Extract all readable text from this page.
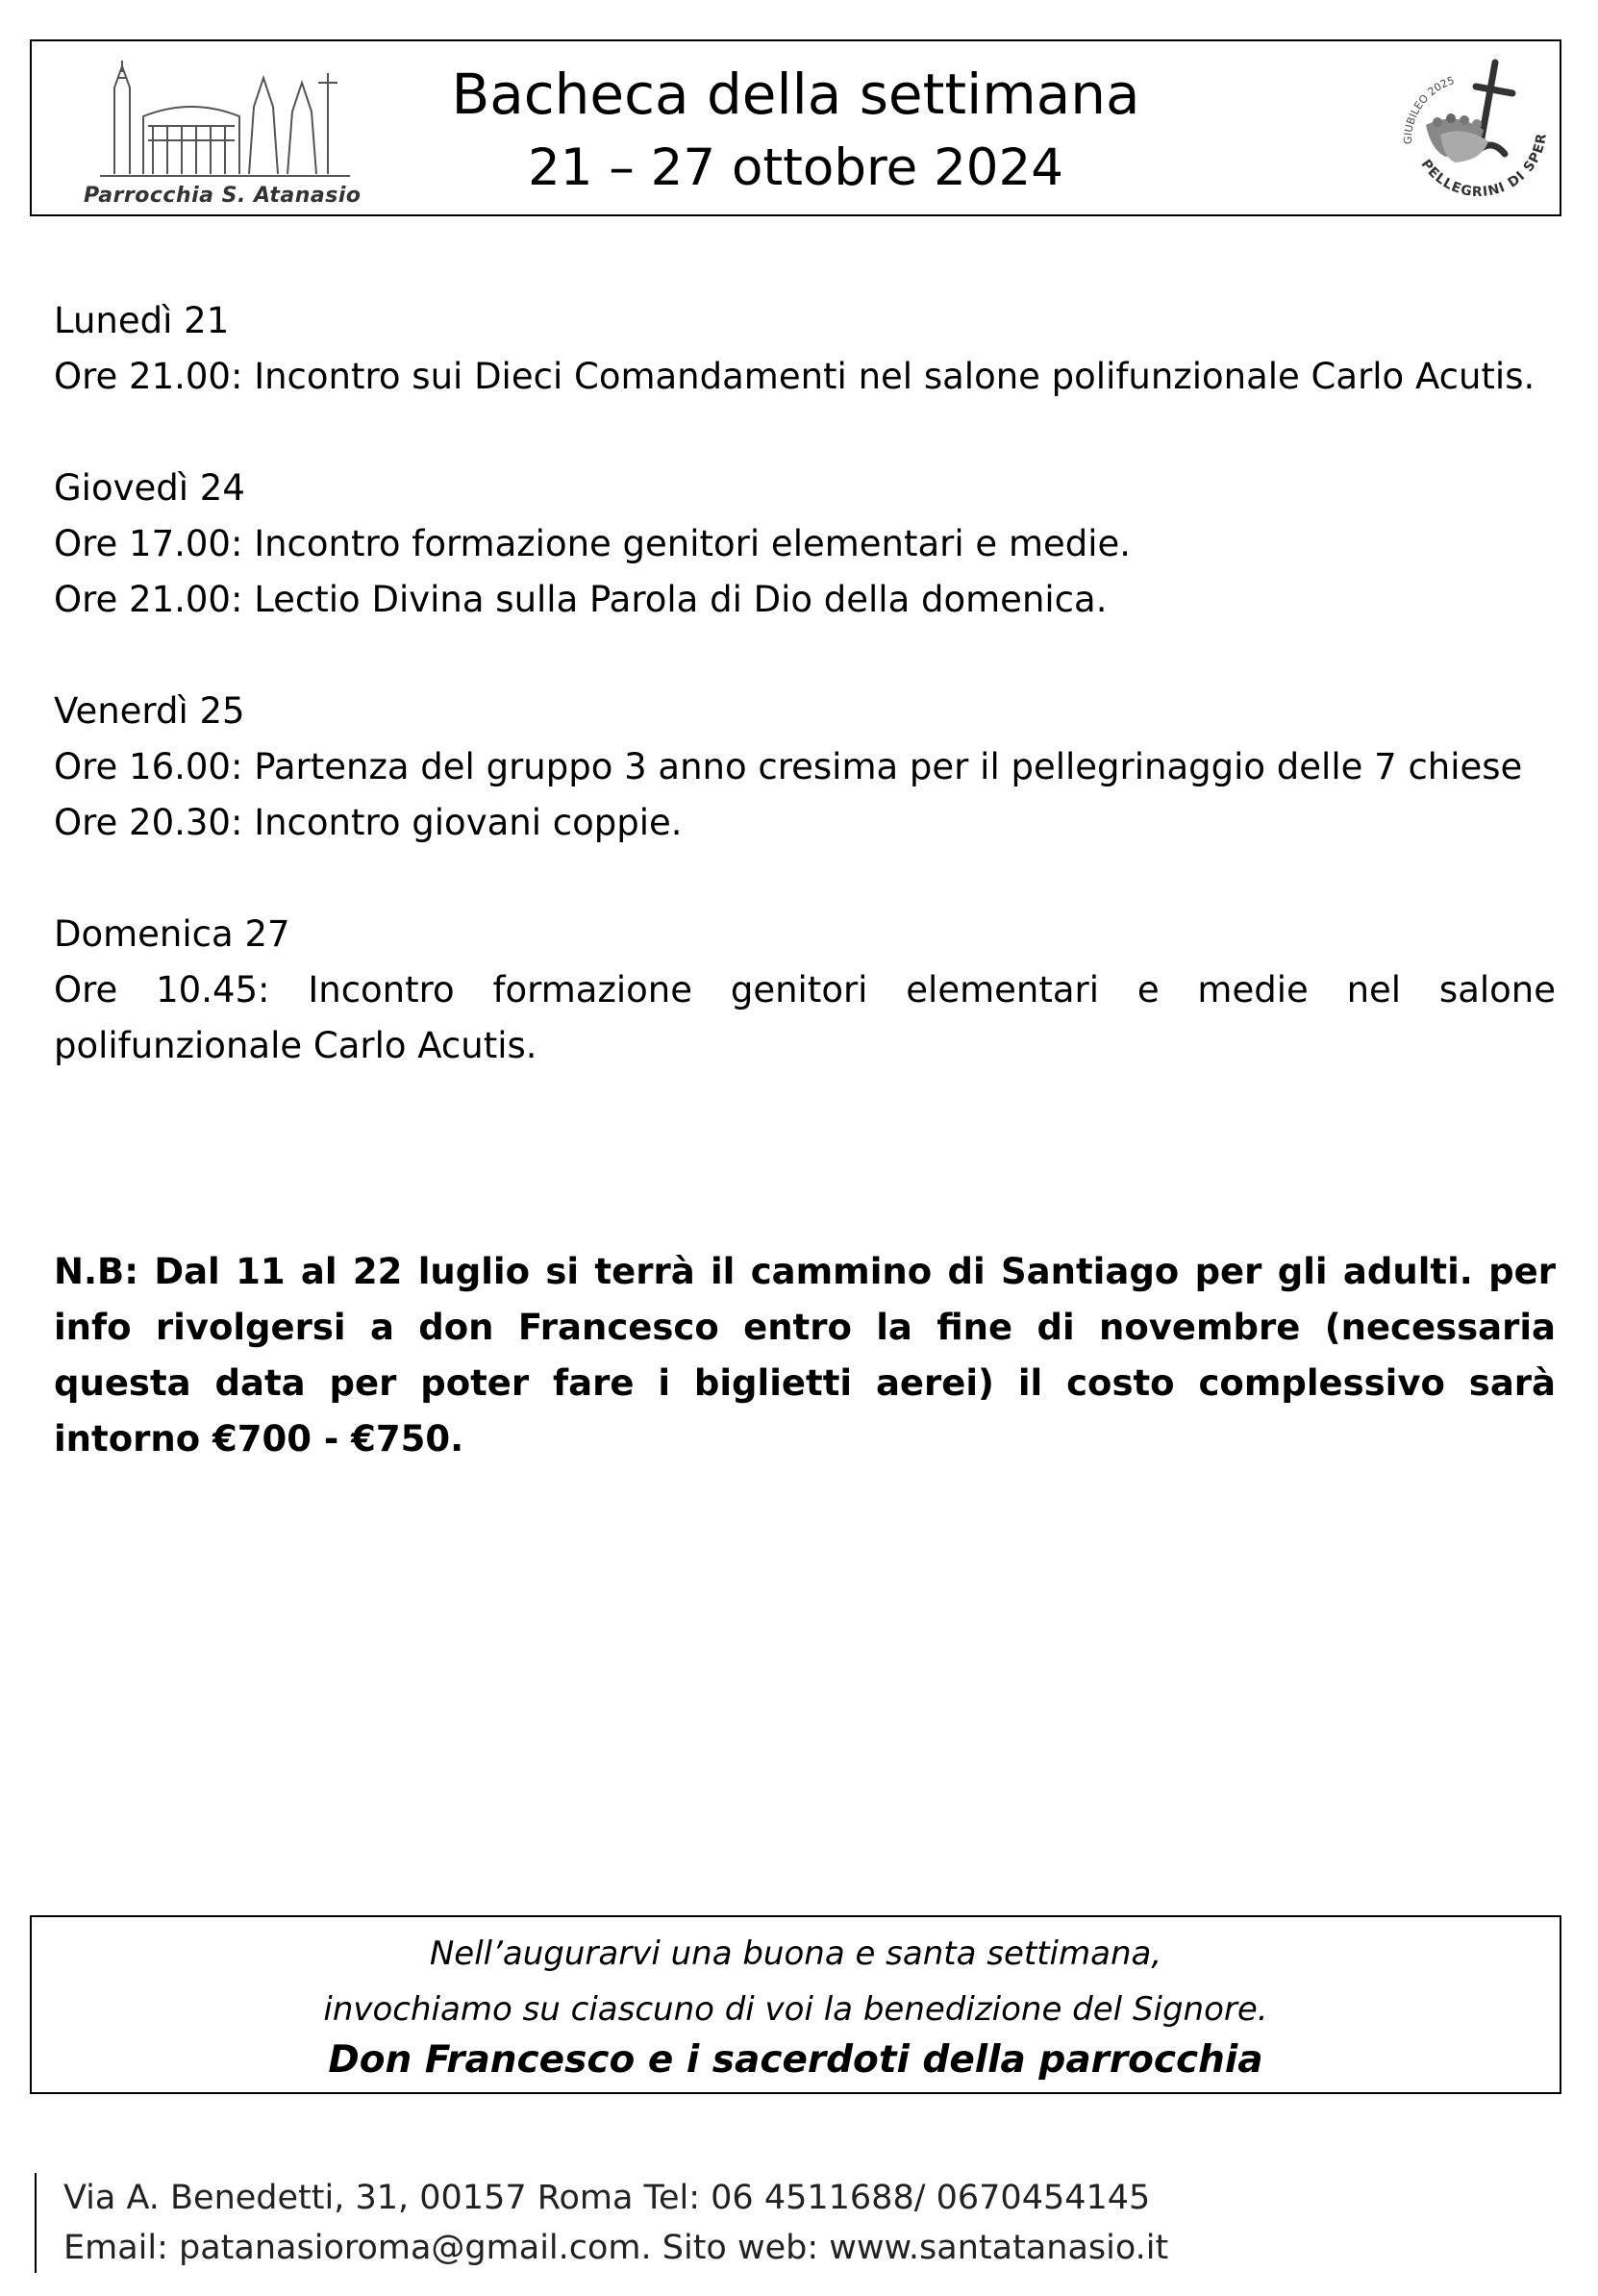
Parrocchia S. Atanasio
Bacheca della settimana
21 – 27 ottobre 2024	GIUBILEO 2025
PELLEGRINI DI SPER
Lunedì 21
Ore 21.00: Incontro sui Dieci Comandamenti nel salone polifunzionale Carlo Acutis.
Giovedì 24
Ore 17.00: Incontro formazione genitori elementari e medie.
Ore 21.00: Lectio Divina sulla Parola di Dio della domenica.
Venerdì 25
Ore 16.00: Partenza del gruppo 3 anno cresima per il pellegrinaggio delle 7 chiese
Ore 20.30: Incontro giovani coppie.
Domenica 27
Ore 10.45: Incontro formazione genitori elementari e medie nel salone polifunzionale Carlo Acutis.
N.B: Dal 11 al 22 luglio si terrà il cammino di Santiago per gli adulti. per info rivolgersi a don Francesco entro la fine di novembre (necessaria questa data per poter fare i biglietti aerei) il costo complessivo sarà intorno €700 - €750.
Nell’augurarvi una buona e santa settimana,
invochiamo su ciascuno di voi la benedizione del Signore.
Don Francesco e i sacerdoti della parrocchia
Via A. Benedetti, 31, 00157 Roma Tel: 06 4511688/ 0670454145
Email: patanasioroma@gmail.com. Sito web: www.santatanasio.it
